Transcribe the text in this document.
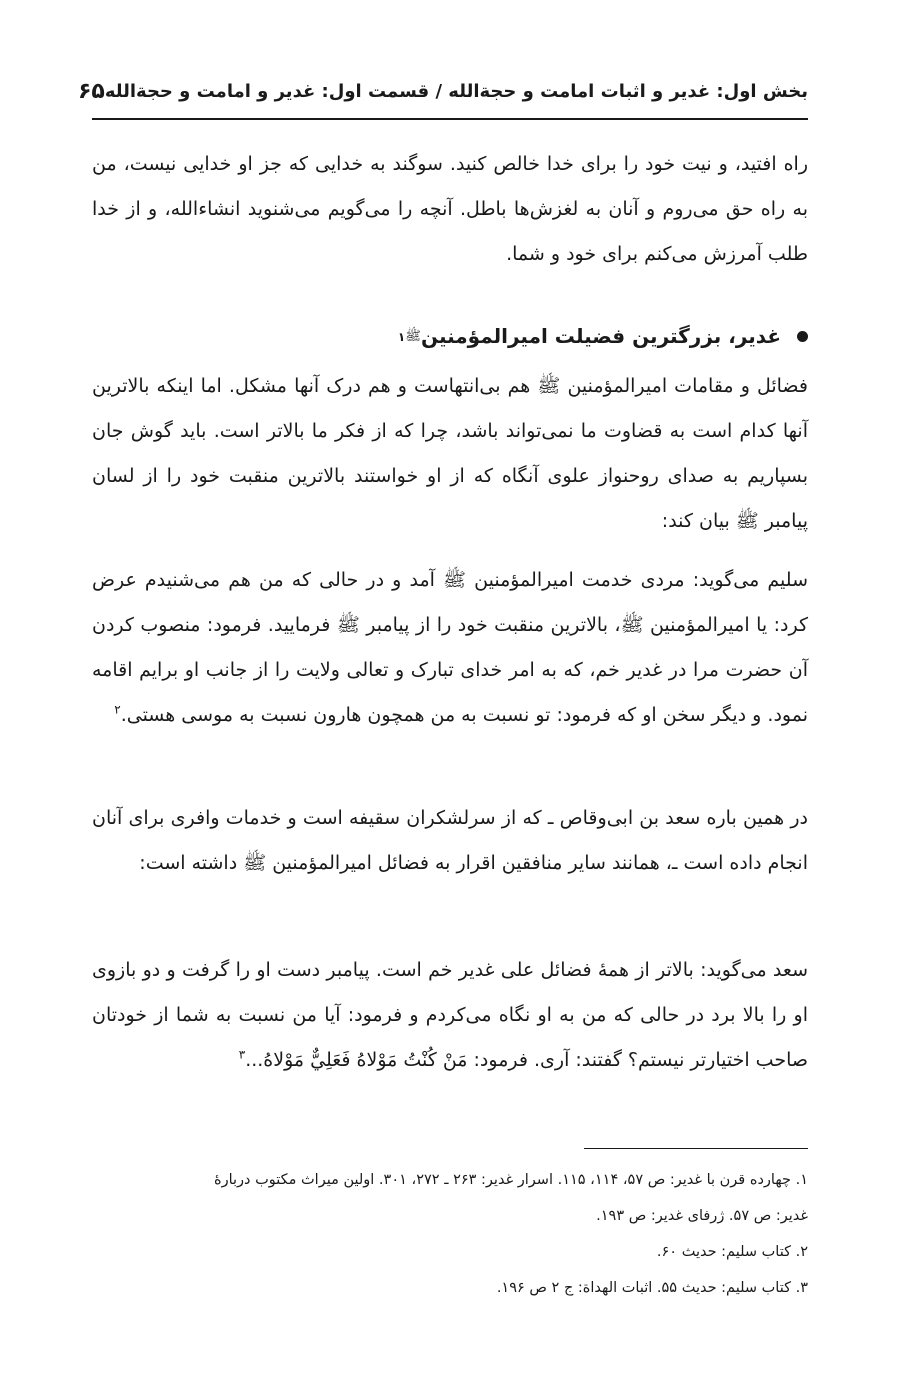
بخش اول: غدیر و اثبات امامت و حجةالله / قسمت اول: غدیر و امامت و حجةالله
۶۵

راه افتید، و نیت خود را برای خدا خالص کنید. سوگند به خدایی که جز او خدایی نیست، من به راه حق می‌روم و آنان به لغزش‌ها باطل. آنچه را می‌گویم می‌شنوید انشاءالله، و از خدا طلب آمرزش می‌کنم برای خود و شما.

غدیر، بزرگترین فضیلت امیرالمؤمنین
ﷺ
۱

فضائل و مقامات امیرالمؤمنین ﷺ هم بی‌انتهاست و هم درک آنها مشکل. اما اینکه بالاترین آنها کدام است به قضاوت ما نمی‌تواند باشد، چرا که از فکر ما بالاتر است. باید گوش جان بسپاریم به صدای روحنواز علوی آنگاه که از او خواستند بالاترین منقبت خود را از لسان پیامبر ﷺ بیان کند:

سلیم می‌گوید: مردی خدمت امیرالمؤمنین ﷺ آمد و در حالی که من هم می‌شنیدم عرض کرد: یا امیرالمؤمنین ﷺ، بالاترین منقبت خود را از پیامبر ﷺ فرمایید. فرمود: منصوب کردن آن حضرت مرا در غدیر خم، که به امر خدای تبارک و تعالی ولایت را از جانب او برایم اقامه نمود. و دیگر سخن او که فرمود: تو نسبت به من همچون هارون نسبت به موسی هستی.$^۲$

در همین باره سعد بن ابی‌وقاص ـ که از سرلشکران سقیفه است و خدمات وافری برای آنان انجام داده است ـ، همانند سایر منافقین اقرار به فضائل امیرالمؤمنین ﷺ داشته است:

سعد می‌گوید: بالاتر از همهٔ فضائل علی غدیر خم است. پیامبر دست او را گرفت و دو بازوی او را بالا برد در حالی که من به او نگاه می‌کردم و فرمود: آیا من نسبت به شما از خودتان صاحب اختیارتر نیستم؟ گفتند: آری. فرمود: مَنْ كُنْتُ مَوْلاهُ فَعَلِيٌّ مَوْلاهُ...$^۳$

۱. چهارده قرن با غدیر: ص ۵۷، ۱۱۴، ۱۱۵. اسرار غدیر: ۲۶۳ ـ ۲۷۲، ۳۰۱. اولین میراث مکتوب دربارهٔ
غدیر: ص ۵۷. ژرفای غدیر: ص ۱۹۳.
۲. کتاب سلیم: حدیث ۶۰.
۳. کتاب سلیم: حدیث ۵۵. اثبات الهداة: ج ۲ ص ۱۹۶.
